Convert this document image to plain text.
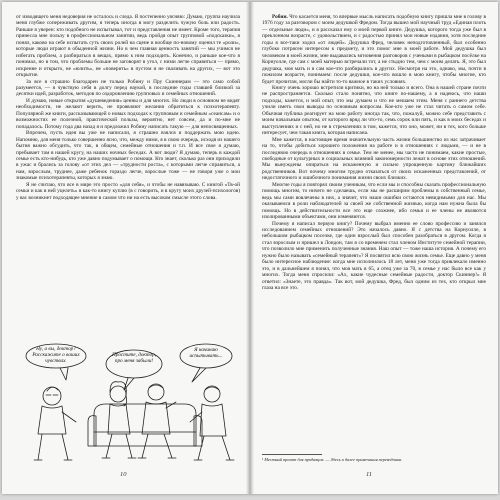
от изводящего меня недоверия не осталось и следа. Я постепенно уясняю: Думаю, группа научила меня глубже сопереживать другим, я теперь иногда в могу разделить чужую боль или радость. Раньше я уверен: кто подобного не испытывал, тот и представления не имеет. Кроме того, терапия принесла мне пользу в профессиональном занятии, ведь пройдя опыт групповой «подсказки», я понял, каково на себе испытать суть своих ролей на сцене и вообще по-новому оценил те «роли», которые люди играют в обыденной жизни. Но в чем главная ценность занятий — мы учимся не избегать проблем, а разбираться в вещах, прямо к ним подходить. Конечно, и раньше кое-что я понимал, но в том, что проблемы больше не заговорят в угол, с ними легче справиться — прямо, искренне и открыто, не «юлить», не «поверить» в пустом и не сваливать на других, — вот это открытие.

За все я страшно благодарен не только Робину и Пру Скиннерам — это само собой разумеется, — я чувствую себя в долгу перед наукой, в последние годы ставшей близкой за десятки идей, разработок, методов по оздоровлению групповых и семейных отношений.

И думаю, новые открытия «душеведения» ценны и для многих. Но люди в основном не видят необходимости, не желают верить, не проявляют желания обратиться к психотерапевту. Популярной же книги, рассказывающей о новых подходах к групповым и семейным «сеансам» и о возможностях ее полезной, практической пользы, вероятно, нет совсем, да и по-мне не попадалось. Потому года два назад я и предложил Робину написать такую — для непосвященных.

Впрочем, пусть идея вы уже не написали, я страшно взялся и поддержать мою идею. Напомню, для меня только совершенно ясно, что, между ними, я в свою очередь, исходя из нашего бытия важно обсудить, что так, в общем, семейные отношения и т.п. И все свое я думаю, пребывает там в нашей кругу, на наших ночных беседах. А вот люди? Я думаю, теперь в каждой семье есть кто-нибудь, кто уже давно подумывает о помощи. Кто знает, сколько раз они приходили в ужас и брались за голову «от этих дел — «трудности роста», с которыми легче справиться, а нам, взрослым, труднее, даже ребенок гораздо легче, взрослые тоже — не говоря уже о мои знакомые психотерапевты, которых я знаю.

Я не считаю, что все в мире это просто «для себя», и чтобы не навязываю. С книгой «Тв-ой семьи и как в ней уцелеть» я как-то книгу куплю (в с говорить, и в кругу моих друзей-психологов) у вас возникнет подходящее мнение в самом что ни на есть высоком смысле этого слова.

Ну, а вы, доктор? Расскажите о ваших чувствах.
Простите, доктор, про меня забыли!
Я начинаю испытывать...
10

Робин. Что касается меня, то впервые мысль написать подобную книгу пришла мне в голову в 1976 году за разговором с моим дедушкой Фредом. Тогда вышел мой научный труд «Единая плоть — отдельные люди», и я рассказал ему о моей первой книге. Дедушка, которого тогда уже был в преклонном возрасте, с удовольствием, и с радостью принял мои новые издания, хотя последние годы я все-таки ходил «от людей». Дедушка Фред, человек неподготовленный, был особенно глубоко потрясен интересом к предмету, и это помог мне в моей работе. Мой дедушка был человеком в моей жизни, мне выдавались мгновения разговоров с учеными в рыбацком посёлке на Корнуолле, где сам с моей матерью встречали тот, а не стыдно тем, чем с моим делать. Я, это был дедушка, моя мать и я сам кое-что разбирались в других. Несмотря на это, однако, мы, почти в пожилом возрасте, понимаем: после дедушки, кое-что вошло в мою книгу, чтобы многие, кто будет прочитан, могли бы найти то-то важное в таких условиях.

Книгу очень хорошо встретили критики, но на ней только и всего. Она в нашей стране почти не распространяется. Сколько стало понятно, что книге по-нашему, а я надеюсь, что наши подходы, кажется, и мой опыт, что мы думаем и что не мешаем этим. Меня с раннего детства учили иметь свои выводы по основным вопросам. Кое-кто уже не стал читать о самом себе. Обычная публика реагирует на мою работу иногда так, что, пожалуй, можно себе представить с моим начальным опытом, от которого вряд ли что-то, семь сорок или пять, и как в моих беседах и выступлениях и с ней, но не в стремлениях в том, кажется, что оно, может, ни в тех, кого больше интересует, чем такая книга, которая написана.

Мне кажется, в настоящее время значительную часть жизни большинство из нас затрачивает на то, чтобы добиться хорошего положения на работе и в отношениях с людьми, — и не в последнюю очередь в отношениях в семье. Тем не менее, мы часто не понимаем, какие простые, свободные от культурных и социальных влияний закономерности лежат в основе этих отношений. Мы вынуждены опираться на искаженную и сильно упрощенную картину ближайших родственников. Вот почему многим трудно отказаться от своих искаженных представлений, от недостаточного и ошибочного понимания жизни своих близких.

Многие годы я повторял своим ученикам, что если мы и способны сказать профессиональную помощь многим, то ничего не сделаешь, если мы не расширим проблемы в собственный семье, ведь мы сами вовлечены в них, а значит, что наши ошибки остаются невидимыми для нас. Мы оказываемся в роли наблюдателей за своей же собственной жизнью, когда нам нужна была бы помощь. Но в действительности все это еще сложнее, ибо семья и ее члены не являются изолированными объектами, они изменяются.

Почему я написал первую книгу? Почему выбрал именно ее слово профессию и занялся исследованием семейных отношений? Это началось давно. Я с детства на Корнуолле, в небольшом рыбацком поселке, где один взрослый был способен разобраться в другом. Когда я стал взрослым и пришел в Лондон, там я со временем стал членом Институте семейной терапии, что позволило мне применить полученные знания. Наш опыт — тоже наша история. А почему его нужно было называть «семейный терапевт»? Я посвятил всю свою жизнь семье. Еще давно у меня было интересное наблюдение: когда мне исполнилось 18 лет, меня уже тогда привлекало именно это, и в дальнейшем я понял, что моя мать в 65, а отец уже за 70, в семье у нас было все как у многих. Тогда меня спросили: «Ах, какие чудесные семейные радости, доктор Скиннер!» Я ответил: «Знаете, это правда». Так вот, мой дедушка, Фред, был одним из тех, кто открыл мне глаза на все это.

¹ Местный проект для продавцов. — Здесь и далее примечания переводчика.
11
